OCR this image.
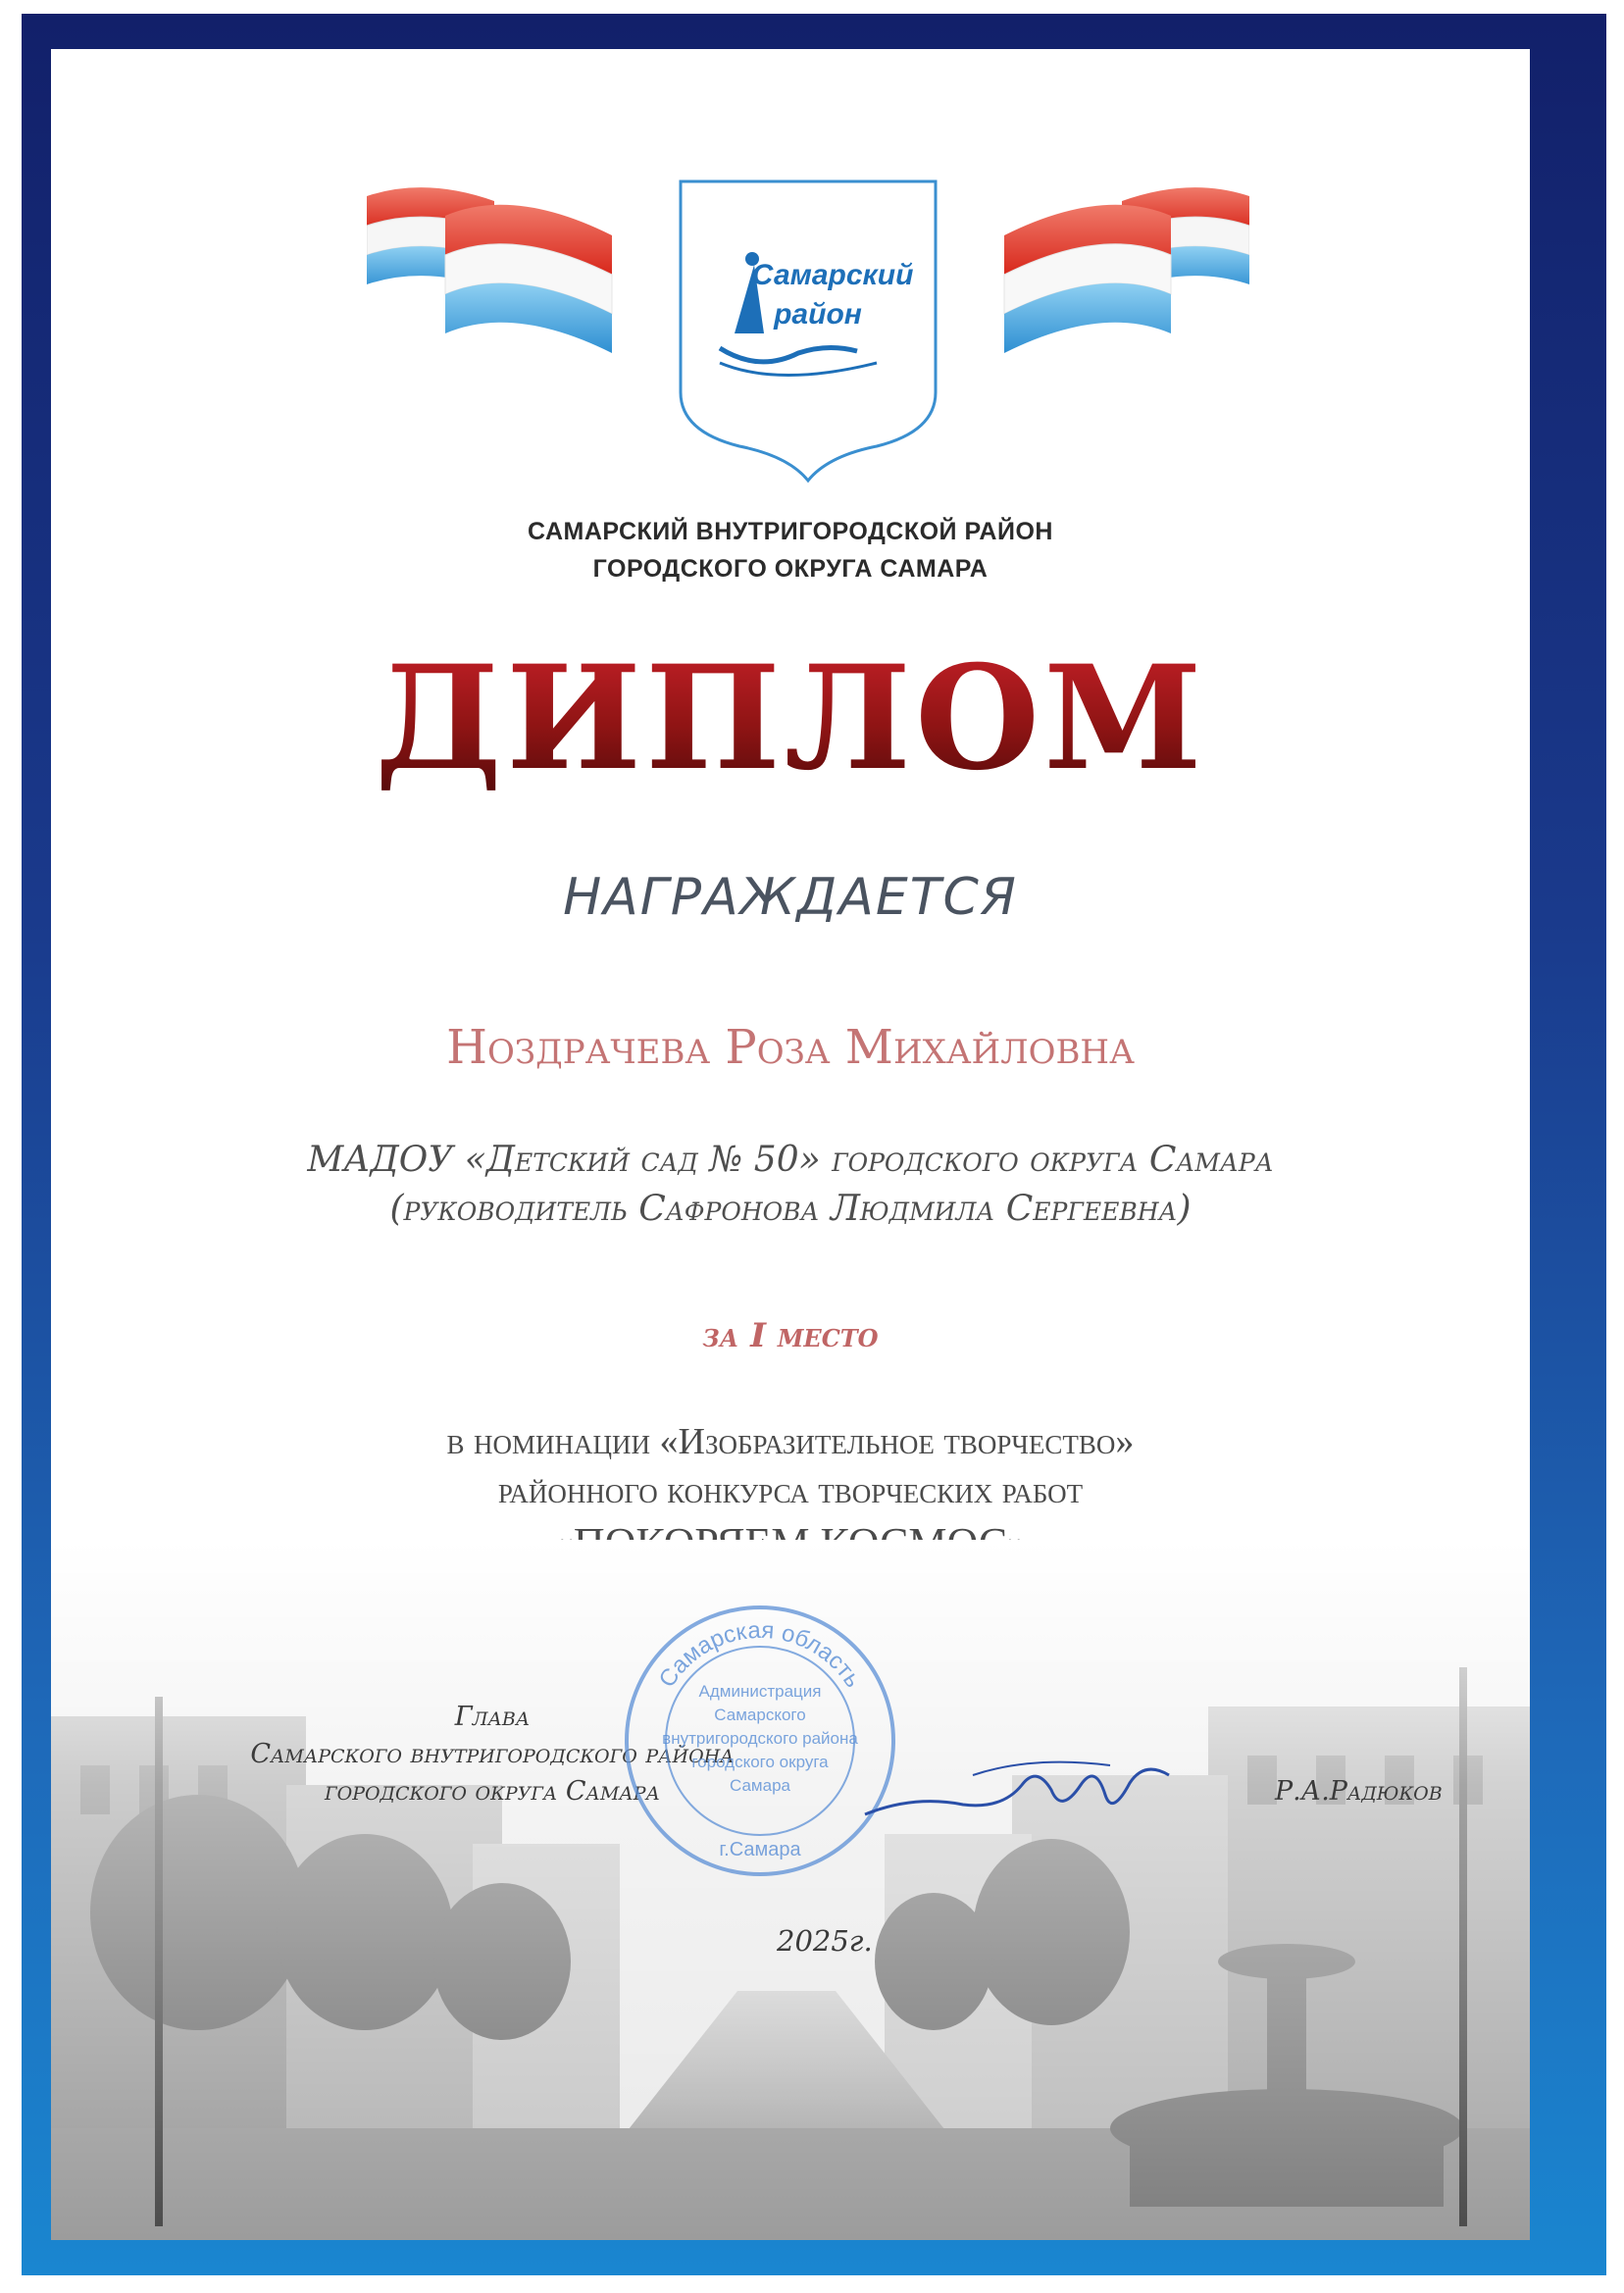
Самарский
район
САМАРСКИЙ ВНУТРИГОРОДСКОЙ РАЙОН
ГОРОДСКОГО ОКРУГА САМАРА
ДИПЛОМ
НАГРАЖДАЕТСЯ
Ноздрачева Роза Михайловна
МАДОУ «Детский сад № 50» городского округа Самара
(руководитель Сафронова Людмила Сергеевна)
за I место
в номинации «Изобразительное творчество»
районного конкурса творческих работ
Глава
Самарского внутригородского района
городского округа Самара	Р.А.Радюков
Самарская область
Администрация
Самарского
внутригородского района
городского округа
Самара
г.Самара
2025г.
